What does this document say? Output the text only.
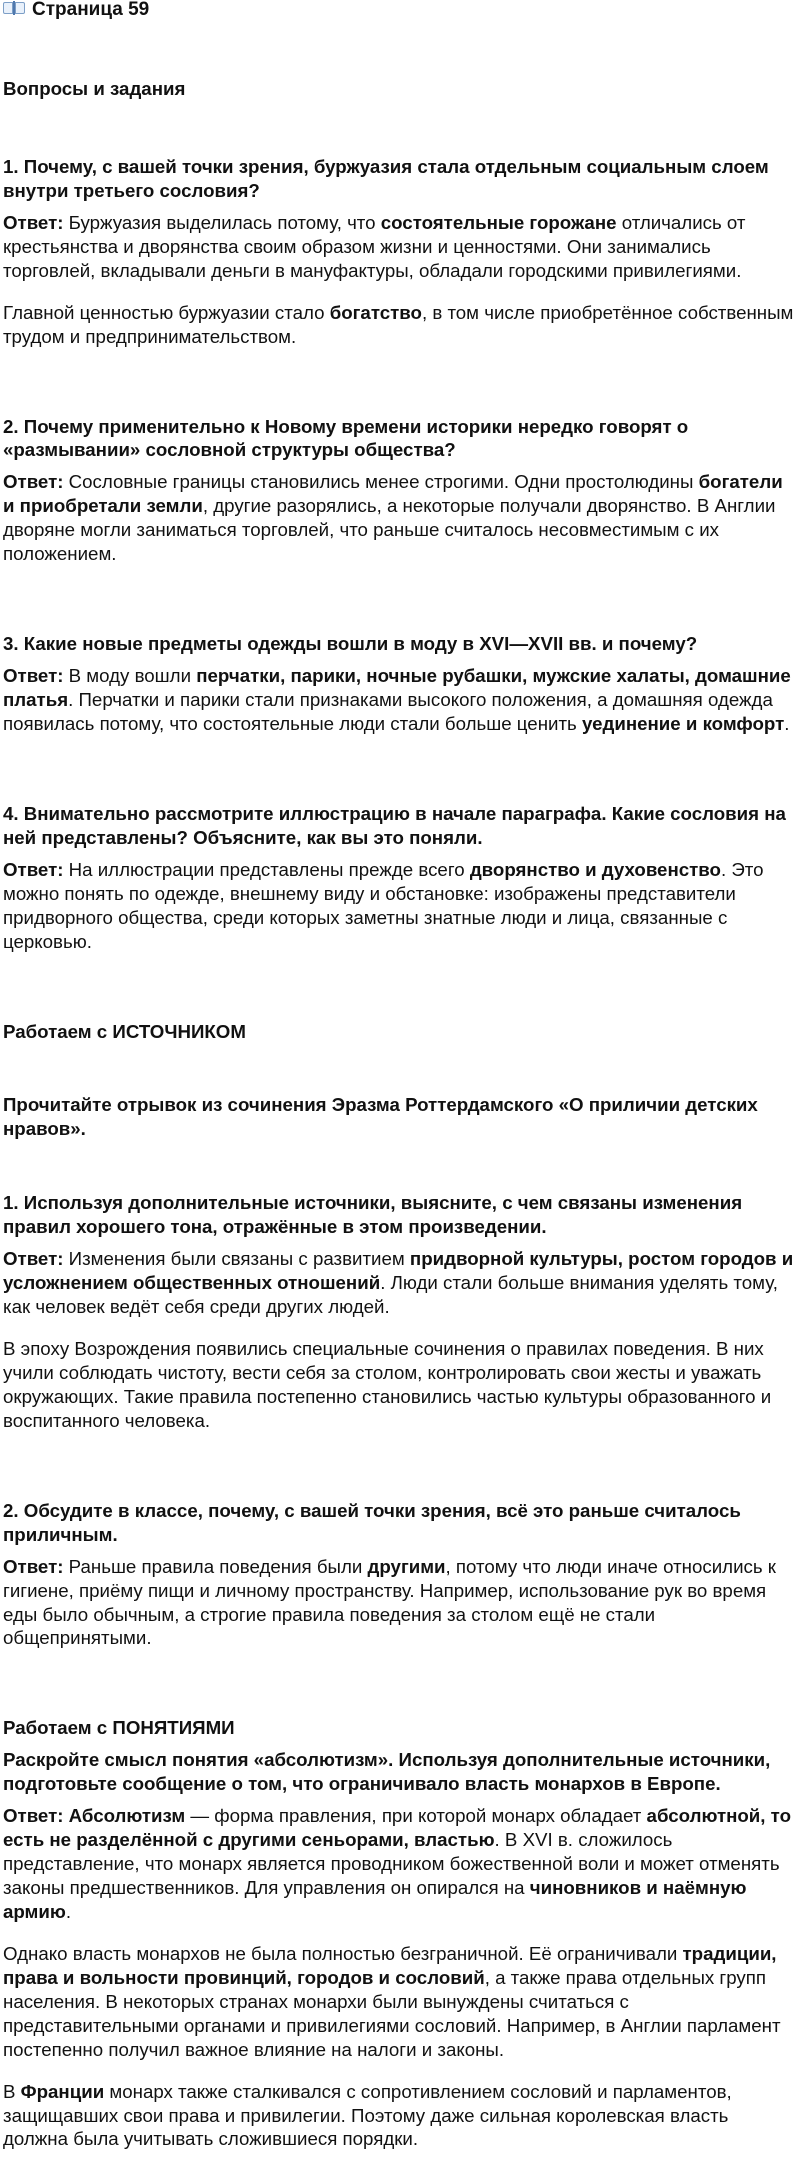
Страница 59
Вопросы и задания
1. Почему, с вашей точки зрения, буржуазия стала отдельным социальным слоем внутри третьего сословия?
Ответ: Буржуазия выделилась потому, что состоятельные горожане отличались от крестьянства и дворянства своим образом жизни и ценностями. Они занимались торговлей, вкладывали деньги в мануфактуры, обладали городскими привилегиями.
Главной ценностью буржуазии стало богатство, в том числе приобретённое собственным трудом и предпринимательством.
2. Почему применительно к Новому времени историки нередко говорят о «размывании» сословной структуры общества?
Ответ: Сословные границы становились менее строгими. Одни простолюдины богатели и приобретали земли, другие разорялись, а некоторые получали дворянство. В Англии дворяне могли заниматься торговлей, что раньше считалось несовместимым с их положением.
3. Какие новые предметы одежды вошли в моду в XVI—XVII вв. и почему?
Ответ: В моду вошли перчатки, парики, ночные рубашки, мужские халаты, домашние платья. Перчатки и парики стали признаками высокого положения, а домашняя одежда появилась потому, что состоятельные люди стали больше ценить уединение и комфорт.
4. Внимательно рассмотрите иллюстрацию в начале параграфа. Какие сословия на ней представлены? Объясните, как вы это поняли.
Ответ: На иллюстрации представлены прежде всего дворянство и духовенство. Это можно понять по одежде, внешнему виду и обстановке: изображены представители придворного общества, среди которых заметны знатные люди и лица, связанные с церковью.
Работаем с ИСТОЧНИКОМ
Прочитайте отрывок из сочинения Эразма Роттердамского «О приличии детских нравов».
1. Используя дополнительные источники, выясните, с чем связаны изменения правил хорошего тона, отражённые в этом произведении.
Ответ: Изменения были связаны с развитием придворной культуры, ростом городов и усложнением общественных отношений. Люди стали больше внимания уделять тому, как человек ведёт себя среди других людей.
В эпоху Возрождения появились специальные сочинения о правилах поведения. В них учили соблюдать чистоту, вести себя за столом, контролировать свои жесты и уважать окружающих. Такие правила постепенно становились частью культуры образованного и воспитанного человека.
2. Обсудите в классе, почему, с вашей точки зрения, всё это раньше считалось приличным.
Ответ: Раньше правила поведения были другими, потому что люди иначе относились к гигиене, приёму пищи и личному пространству. Например, использование рук во время еды было обычным, а строгие правила поведения за столом ещё не стали общепринятыми.
Работаем с ПОНЯТИЯМИ
Раскройте смысл понятия «абсолютизм». Используя дополнительные источники, подготовьте сообщение о том, что ограничивало власть монархов в Европе.
Ответ: Абсолютизм — форма правления, при которой монарх обладает абсолютной, то есть не разделённой с другими сеньорами, властью. В XVI в. сложилось представление, что монарх является проводником божественной воли и может отменять законы предшественников. Для управления он опирался на чиновников и наёмную армию.
Однако власть монархов не была полностью безграничной. Её ограничивали традиции, права и вольности провинций, городов и сословий, а также права отдельных групп населения. В некоторых странах монархи были вынуждены считаться с представительными органами и привилегиями сословий. Например, в Англии парламент постепенно получил важное влияние на налоги и законы.
В Франции монарх также сталкивался с сопротивлением сословий и парламентов, защищавших свои права и привилегии. Поэтому даже сильная королевская власть должна была учитывать сложившиеся порядки.
